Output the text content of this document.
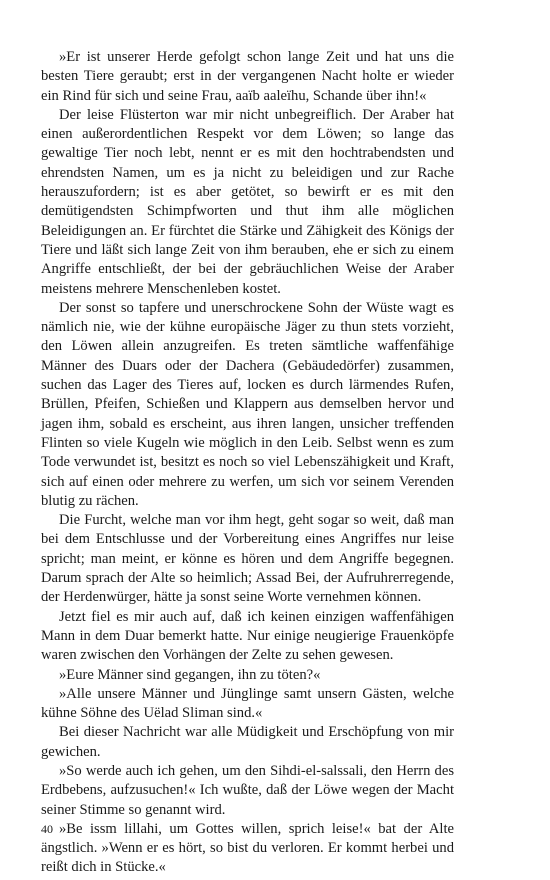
»Er ist unserer Herde gefolgt schon lange Zeit und hat uns die besten Tiere geraubt; erst in der vergangenen Nacht holte er wieder ein Rind für sich und seine Frau, aaïb aaleïhu, Schande über ihn!«

Der leise Flüsterton war mir nicht unbegreiflich. Der Araber hat einen außerordentlichen Respekt vor dem Löwen; so lange das gewaltige Tier noch lebt, nennt er es mit den hochtrabendsten und ehrendsten Namen, um es ja nicht zu beleidigen und zur Rache herauszufordern; ist es aber getötet, so bewirft er es mit den demütigendsten Schimpfworten und thut ihm alle möglichen Beleidigungen an. Er fürchtet die Stärke und Zähigkeit des Königs der Tiere und läßt sich lange Zeit von ihm berauben, ehe er sich zu einem Angriffe entschließt, der bei der gebräuchlichen Weise der Araber meistens mehrere Menschenleben kostet.

Der sonst so tapfere und unerschrockene Sohn der Wüste wagt es nämlich nie, wie der kühne europäische Jäger zu thun stets vorzieht, den Löwen allein anzugreifen. Es treten sämtliche waffenfähige Männer des Duars oder der Dachera (Gebäudedörfer) zusammen, suchen das Lager des Tieres auf, locken es durch lärmendes Rufen, Brüllen, Pfeifen, Schießen und Klappern aus demselben hervor und jagen ihm, sobald es erscheint, aus ihren langen, unsicher treffenden Flinten so viele Kugeln wie möglich in den Leib. Selbst wenn es zum Tode verwundet ist, besitzt es noch so viel Lebenszähigkeit und Kraft, sich auf einen oder mehrere zu werfen, um sich vor seinem Verenden blutig zu rächen.

Die Furcht, welche man vor ihm hegt, geht sogar so weit, daß man bei dem Entschlusse und der Vorbereitung eines Angriffes nur leise spricht; man meint, er könne es hören und dem Angriffe begegnen. Darum sprach der Alte so heimlich; Assad Bei, der Aufruhrerregende, der Herdenwürger, hätte ja sonst seine Worte vernehmen können.

Jetzt fiel es mir auch auf, daß ich keinen einzigen waffenfähigen Mann in dem Duar bemerkt hatte. Nur einige neugierige Frauenköpfe waren zwischen den Vorhängen der Zelte zu sehen gewesen.

»Eure Männer sind gegangen, ihn zu töten?«

»Alle unsere Männer und Jünglinge samt unsern Gästen, welche kühne Söhne des Uëlad Sliman sind.«

Bei dieser Nachricht war alle Müdigkeit und Erschöpfung von mir gewichen.

»So werde auch ich gehen, um den Sihdi-el-salssali, den Herrn des Erdbebens, aufzusuchen!« Ich wußte, daß der Löwe wegen der Macht seiner Stimme so genannt wird.

»Be issm lillahi, um Gottes willen, sprich leise!« bat der Alte ängstlich. »Wenn er es hört, so bist du verloren. Er kommt herbei und reißt dich in Stücke.«

40
